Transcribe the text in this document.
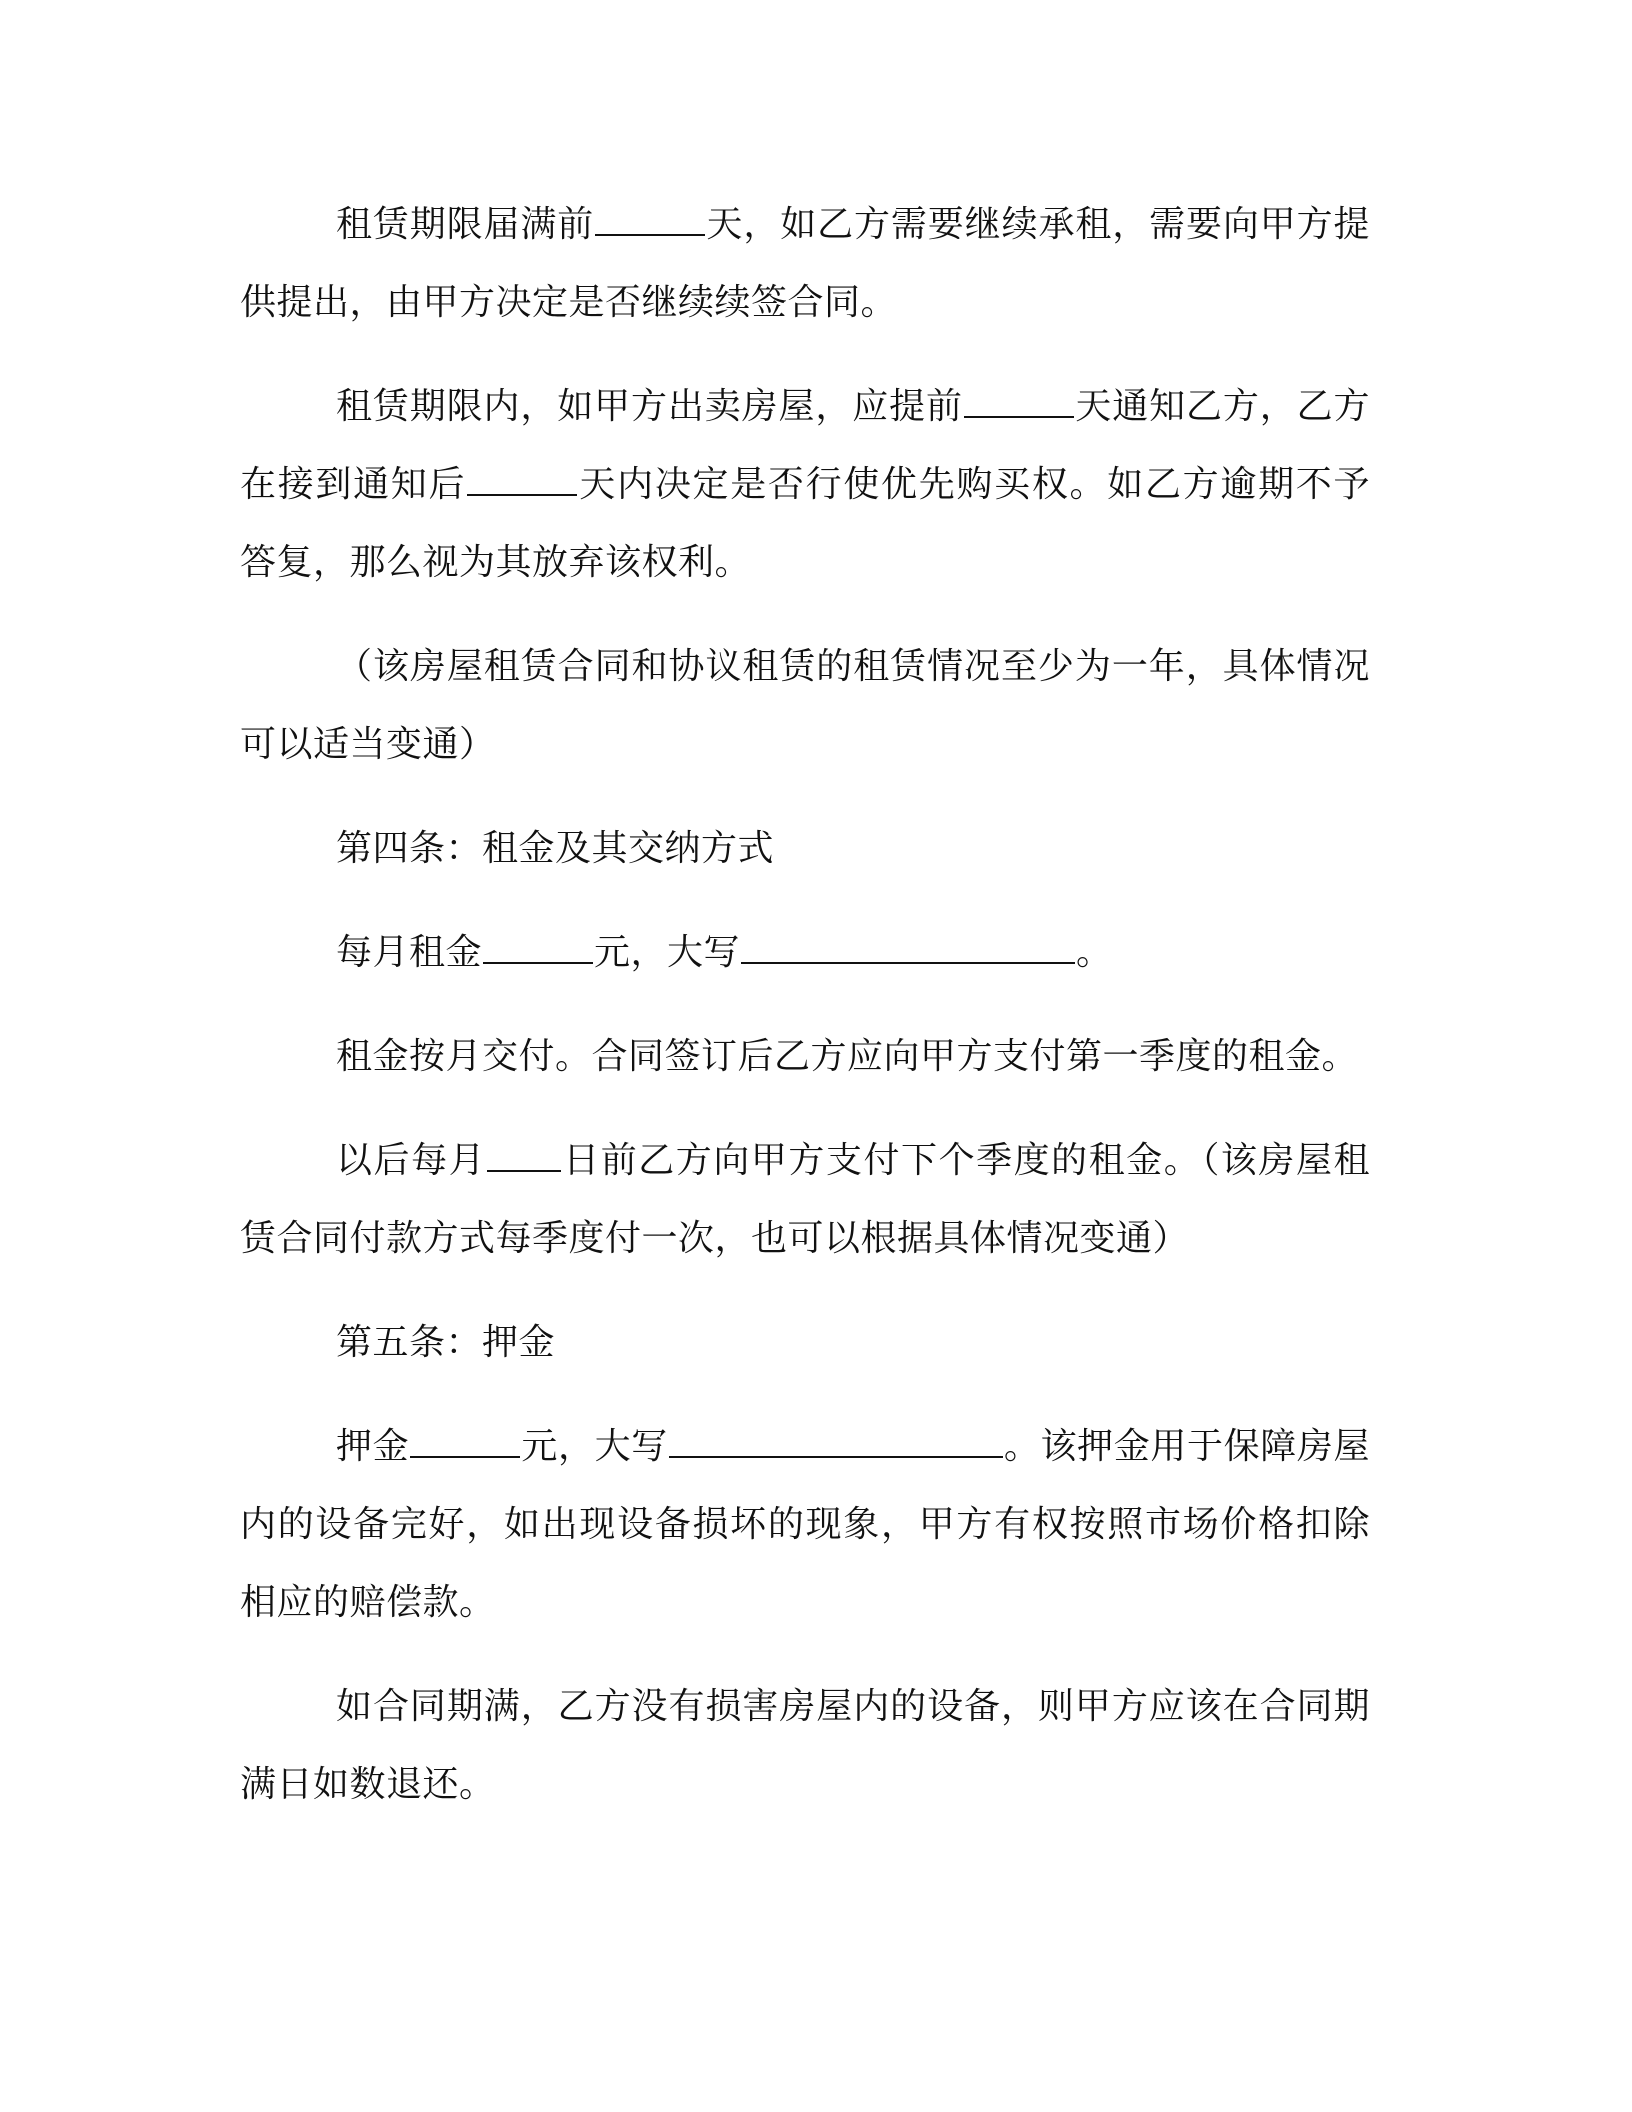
租赁期限届满前	天，如乙方需要继续承租，需要向甲方提供提出，由甲方决定是否继续续签合同。

租赁期限内，如甲方出卖房屋，应提前	天通知乙方，乙方在接到通知后	天内决定是否行使优先购买权。如乙方逾期不予答复，那么视为其放弃该权利。

（该房屋租赁合同和协议租赁的租赁情况至少为一年，具体情况可以适当变通）

第四条：租金及其交纳方式

每月租金	元，大写	。

租金按月交付。合同签订后乙方应向甲方支付第一季度的租金。

以后每月 日前乙方向甲方支付下个季度的租金。（该房屋租赁合同付款方式每季度付一次，也可以根据具体情况变通）

第五条：押金

押金	元，大写	。该押金用于保障房屋内的设备完好，如出现设备损坏的现象，甲方有权按照市场价格扣除相应的赔偿款。

如合同期满，乙方没有损害房屋内的设备，则甲方应该在合同期满日如数退还。
